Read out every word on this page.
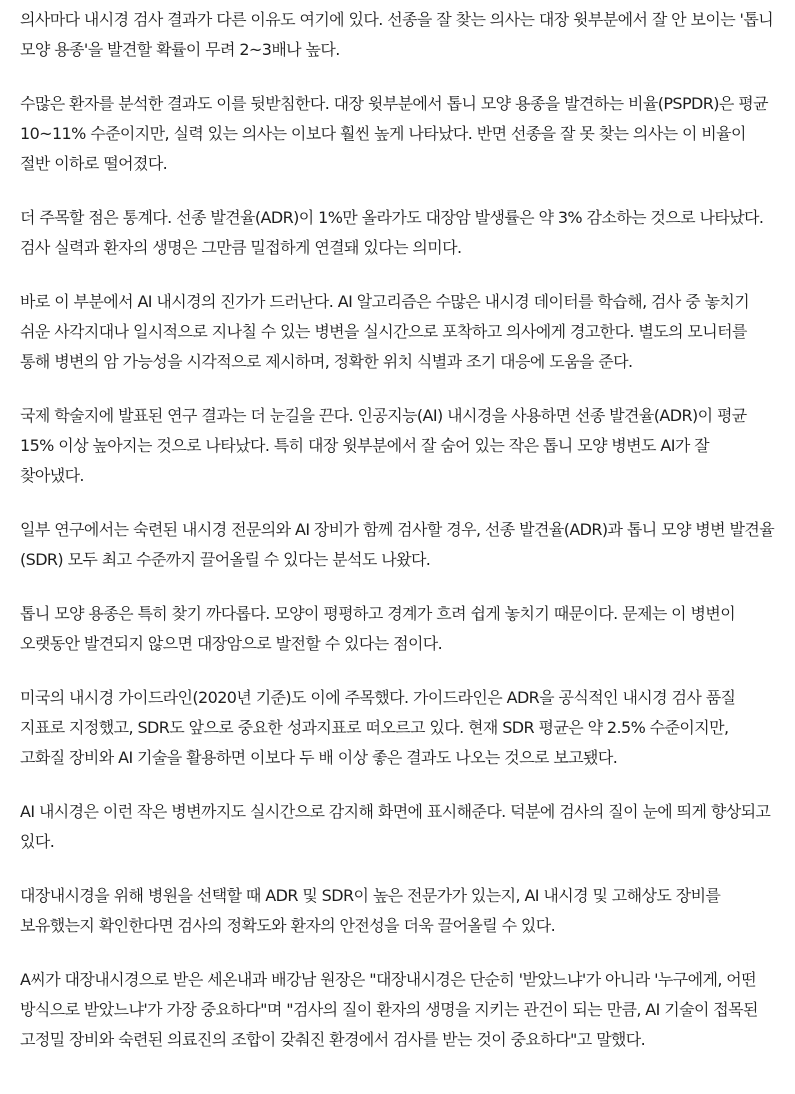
의사마다 내시경 검사 결과가 다른 이유도 여기에 있다. 선종을 잘 찾는 의사는 대장 윗부분에서 잘 안 보이는 '톱니 모양 용종'을 발견할 확률이 무려 2~3배나 높다.

수많은 환자를 분석한 결과도 이를 뒷받침한다. 대장 윗부분에서 톱니 모양 용종을 발견하는 비율(PSPDR)은 평균 10~11% 수준이지만, 실력 있는 의사는 이보다 훨씬 높게 나타났다. 반면 선종을 잘 못 찾는 의사는 이 비율이 절반 이하로 떨어졌다.

더 주목할 점은 통계다. 선종 발견율(ADR)이 1%만 올라가도 대장암 발생률은 약 3% 감소하는 것으로 나타났다. 검사 실력과 환자의 생명은 그만큼 밀접하게 연결돼 있다는 의미다.

바로 이 부분에서 AI 내시경의 진가가 드러난다. AI 알고리즘은 수많은 내시경 데이터를 학습해, 검사 중 놓치기 쉬운 사각지대나 일시적으로 지나칠 수 있는 병변을 실시간으로 포착하고 의사에게 경고한다. 별도의 모니터를 통해 병변의 암 가능성을 시각적으로 제시하며, 정확한 위치 식별과 조기 대응에 도움을 준다.

국제 학술지에 발표된 연구 결과는 더 눈길을 끈다. 인공지능(AI) 내시경을 사용하면 선종 발견율(ADR)이 평균 15% 이상 높아지는 것으로 나타났다. 특히 대장 윗부분에서 잘 숨어 있는 작은 톱니 모양 병변도 AI가 잘 찾아냈다.

일부 연구에서는 숙련된 내시경 전문의와 AI 장비가 함께 검사할 경우, 선종 발견율(ADR)과 톱니 모양 병변 발견율(SDR) 모두 최고 수준까지 끌어올릴 수 있다는 분석도 나왔다.

톱니 모양 용종은 특히 찾기 까다롭다. 모양이 평평하고 경계가 흐려 쉽게 놓치기 때문이다. 문제는 이 병변이 오랫동안 발견되지 않으면 대장암으로 발전할 수 있다는 점이다.

미국의 내시경 가이드라인(2020년 기준)도 이에 주목했다. 가이드라인은 ADR을 공식적인 내시경 검사 품질 지표로 지정했고, SDR도 앞으로 중요한 성과지표로 떠오르고 있다. 현재 SDR 평균은 약 2.5% 수준이지만, 고화질 장비와 AI 기술을 활용하면 이보다 두 배 이상 좋은 결과도 나오는 것으로 보고됐다.

AI 내시경은 이런 작은 병변까지도 실시간으로 감지해 화면에 표시해준다. 덕분에 검사의 질이 눈에 띄게 향상되고 있다.

대장내시경을 위해 병원을 선택할 때 ADR 및 SDR이 높은 전문가가 있는지, AI 내시경 및 고해상도 장비를 보유했는지 확인한다면 검사의 정확도와 환자의 안전성을 더욱 끌어올릴 수 있다.

A씨가 대장내시경으로 받은 세온내과 배강남 원장은 "대장내시경은 단순히 '받았느냐'가 아니라 '누구에게, 어떤 방식으로 받았느냐'가 가장 중요하다"며 "검사의 질이 환자의 생명을 지키는 관건이 되는 만큼, AI 기술이 접목된 고정밀 장비와 숙련된 의료진의 조합이 갖춰진 환경에서 검사를 받는 것이 중요하다"고 말했다.
